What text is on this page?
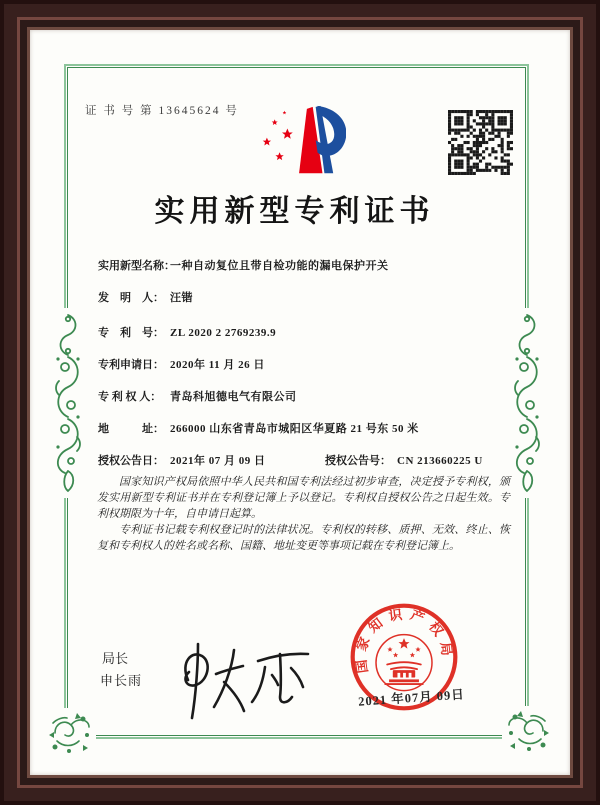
证 书 号 第 13645624 号
实用新型专利证书
实用新型名称：一种自动复位且带自检功能的漏电保护开关
发　明　人： 汪锴
专　利　号： ZL 2020 2 2769239.9
专利申请日： 2020年 11 月 26 日
专 利 权 人： 青岛科旭德电气有限公司
地　　　址： 266000 山东省青岛市城阳区华夏路 21 号东 50 米
授权公告日： 2021年 07 月 09 日	授权公告号： CN 213660225 U

国家知识产权局依照中华人民共和国专利法经过初步审查，决定授予专利权，颁发实用新型专利证书并在专利登记簿上予以登记。专利权自授权公告之日起生效。专利权期限为十年，自申请日起算。

专利证书记载专利权登记时的法律状况。专利权的转移、质押、无效、终止、恢复和专利权人的姓名或名称、国籍、地址变更等事项记载在专利登记簿上。

局长
申长雨
国家知识产权局
2021 年07月 09日
